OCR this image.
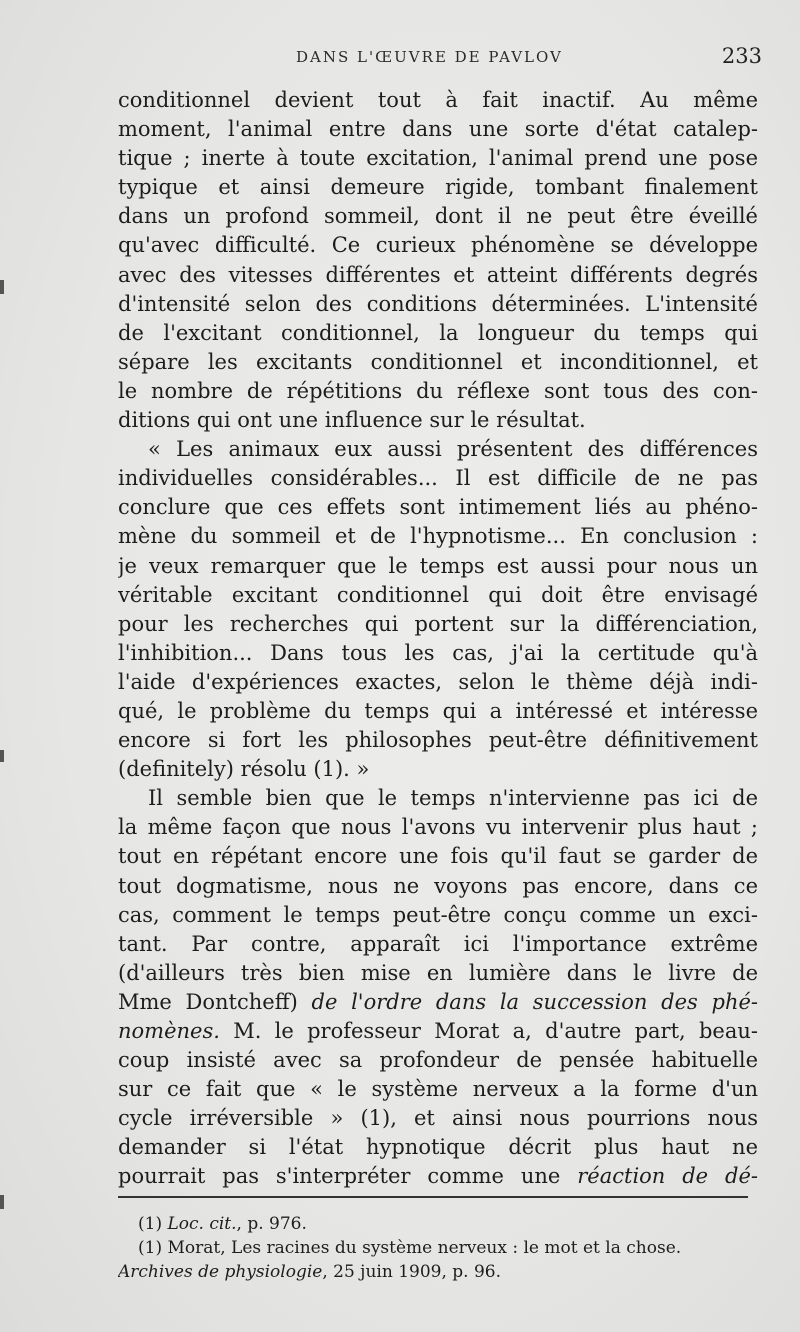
DANS L'ŒUVRE DE PAVLOV	233
conditionnel devient tout à fait inactif. Au même
moment, l'animal entre dans une sorte d'état catalep-
tique ; inerte à toute excitation, l'animal prend une pose
typique et ainsi demeure rigide, tombant finalement
dans un profond sommeil, dont il ne peut être éveillé
qu'avec difficulté. Ce curieux phénomène se développe
avec des vitesses différentes et atteint différents degrés
d'intensité selon des conditions déterminées. L'intensité
de l'excitant conditionnel, la longueur du temps qui
sépare les excitants conditionnel et inconditionnel, et
le nombre de répétitions du réflexe sont tous des con-
ditions qui ont une influence sur le résultat.
« Les animaux eux aussi présentent des différences
individuelles considérables... Il est difficile de ne pas
conclure que ces effets sont intimement liés au phéno-
mène du sommeil et de l'hypnotisme... En conclusion :
je veux remarquer que le temps est aussi pour nous un
véritable excitant conditionnel qui doit être envisagé
pour les recherches qui portent sur la différenciation,
l'inhibition... Dans tous les cas, j'ai la certitude qu'à
l'aide d'expériences exactes, selon le thème déjà indi-
qué, le problème du temps qui a intéressé et intéresse
encore si fort les philosophes peut-être définitivement
(definitely) résolu (1). »
Il semble bien que le temps n'intervienne pas ici de
la même façon que nous l'avons vu intervenir plus haut ;
tout en répétant encore une fois qu'il faut se garder de
tout dogmatisme, nous ne voyons pas encore, dans ce
cas, comment le temps peut-être conçu comme un exci-
tant. Par contre, apparaît ici l'importance extrême
(d'ailleurs très bien mise en lumière dans le livre de
Mme Dontcheff) de l'ordre dans la succession des phé-
nomènes. M. le professeur Morat a, d'autre part, beau-
coup insisté avec sa profondeur de pensée habituelle
sur ce fait que « le système nerveux a la forme d'un
cycle irréversible » (1), et ainsi nous pourrions nous
demander si l'état hypnotique décrit plus haut ne
pourrait pas s'interpréter comme une réaction de dé-
(1) Loc. cit., p. 976.
(1) Morat, Les racines du système nerveux : le mot et la chose.
Archives de physiologie, 25 juin 1909, p. 96.
